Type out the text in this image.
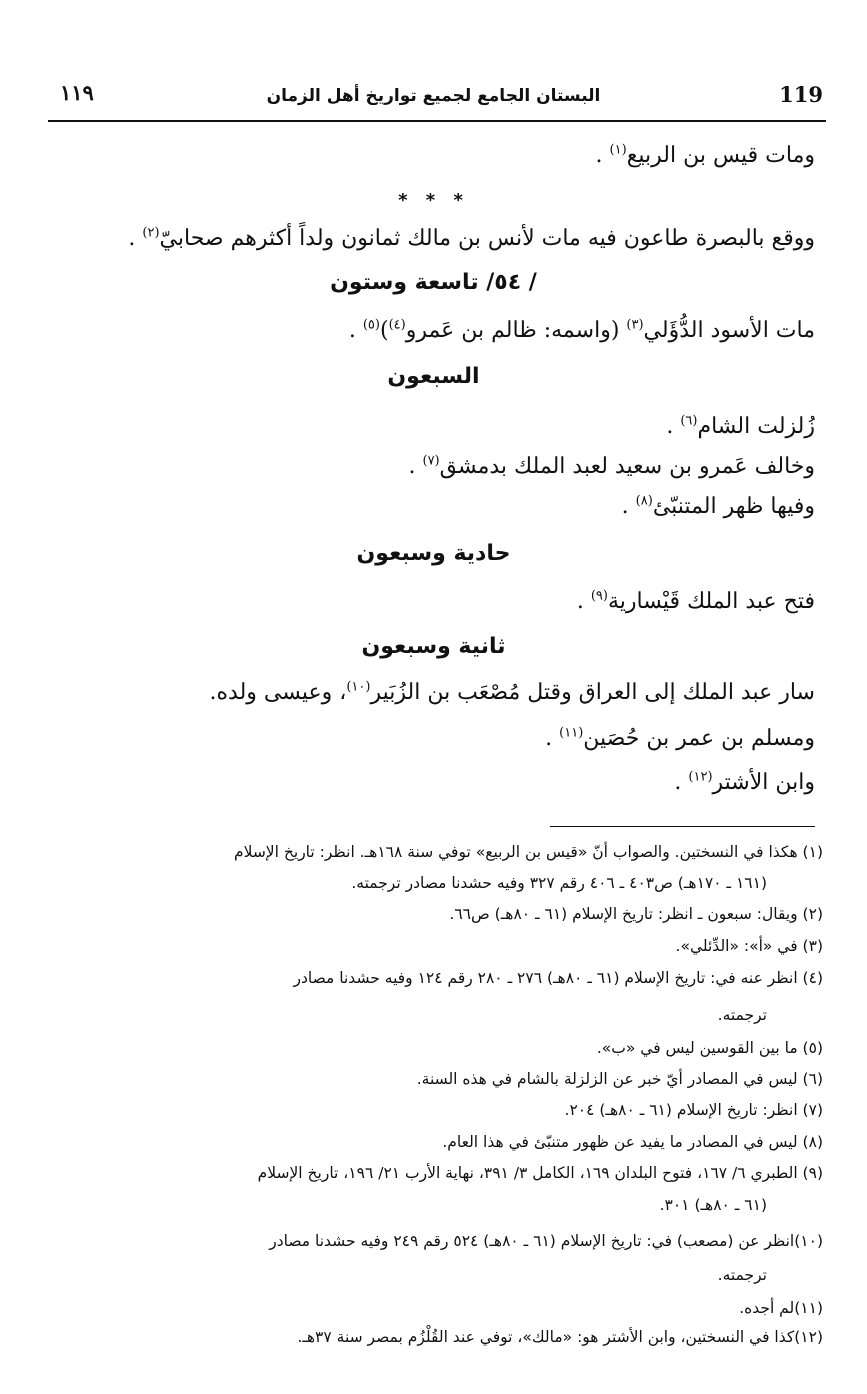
119
البستان الجامع لجميع تواريخ أهل الزمان
١١٩
ومات قيس بن الربيع$^{(١)}$ .
* * *
ووقع بالبصرة طاعون فيه مات لأنس بن مالك ثمانون ولداً أكثرهم صحابيّ$^{(٢)}$ .
/ ٥٤/ تاسعة وستون
مات الأسود الدُّؤَلي$^{(٣)}$ (واسمه: ظالم بن عَمرو$^{(٤)}$)$^{(٥)}$ .
السبعون
زُلزلت الشام$^{(٦)}$ .
وخالف عَمرو بن سعيد لعبد الملك بدمشق$^{(٧)}$ .
وفيها ظهر المتنبّئ$^{(٨)}$ .
حادية وسبعون
فتح عبد الملك قَيْسارية$^{(٩)}$ .
ثانية وسبعون
سار عبد الملك إلى العراق وقتل مُصْعَب بن الزُبَير$^{(١٠)}$، وعيسى ولده.
ومسلم بن عمر بن حُصَين$^{(١١)}$ .
وابن الأشتر$^{(١٢)}$ .
(١) هكذا في النسختين. والصواب أنّ «قيس بن الربيع» توفي سنة ١٦٨هـ. انظر: تاريخ الإسلام
(١٦١ ـ ١٧٠هـ) ص٤٠٣ ـ ٤٠٦ رقم ٣٢٧ وفيه حشدنا مصادر ترجمته.
(٢) ويقال: سبعون ـ انظر: تاريخ الإسلام (٦١ ـ ٨٠هـ) ص٦٦.
(٣) في «أ»: «الدِّئلي».
(٤) انظر عنه في: تاريخ الإسلام (٦١ ـ ٨٠هـ) ٢٧٦ ـ ٢٨٠ رقم ١٢٤ وفيه حشدنا مصادر
ترجمته.
(٥) ما بين القوسين ليس في «ب».
(٦) ليس في المصادر أيّ خبر عن الزلزلة بالشام في هذه السنة.
(٧) انظر: تاريخ الإسلام (٦١ ـ ٨٠هـ) ٢٠٤.
(٨) ليس في المصادر ما يفيد عن ظهور متنبّئ في هذا العام.
(٩) الطبري ٦/ ١٦٧، فتوح البلدان ١٦٩، الكامل ٣/ ٣٩١، نهاية الأرب ٢١/ ١٩٦، تاريخ الإسلام
(٦١ ـ ٨٠هـ) ٣٠١.
(١٠)انظر عن (مصعب) في: تاريخ الإسلام (٦١ ـ ٨٠هـ) ٥٢٤ رقم ٢٤٩ وفيه حشدنا مصادر
ترجمته.
(١١)لم أجده.
(١٢)كذا في النسختين، وابن الأشتر هو: «مالك»، توفي عند القُلْزُم بمصر سنة ٣٧هـ.
